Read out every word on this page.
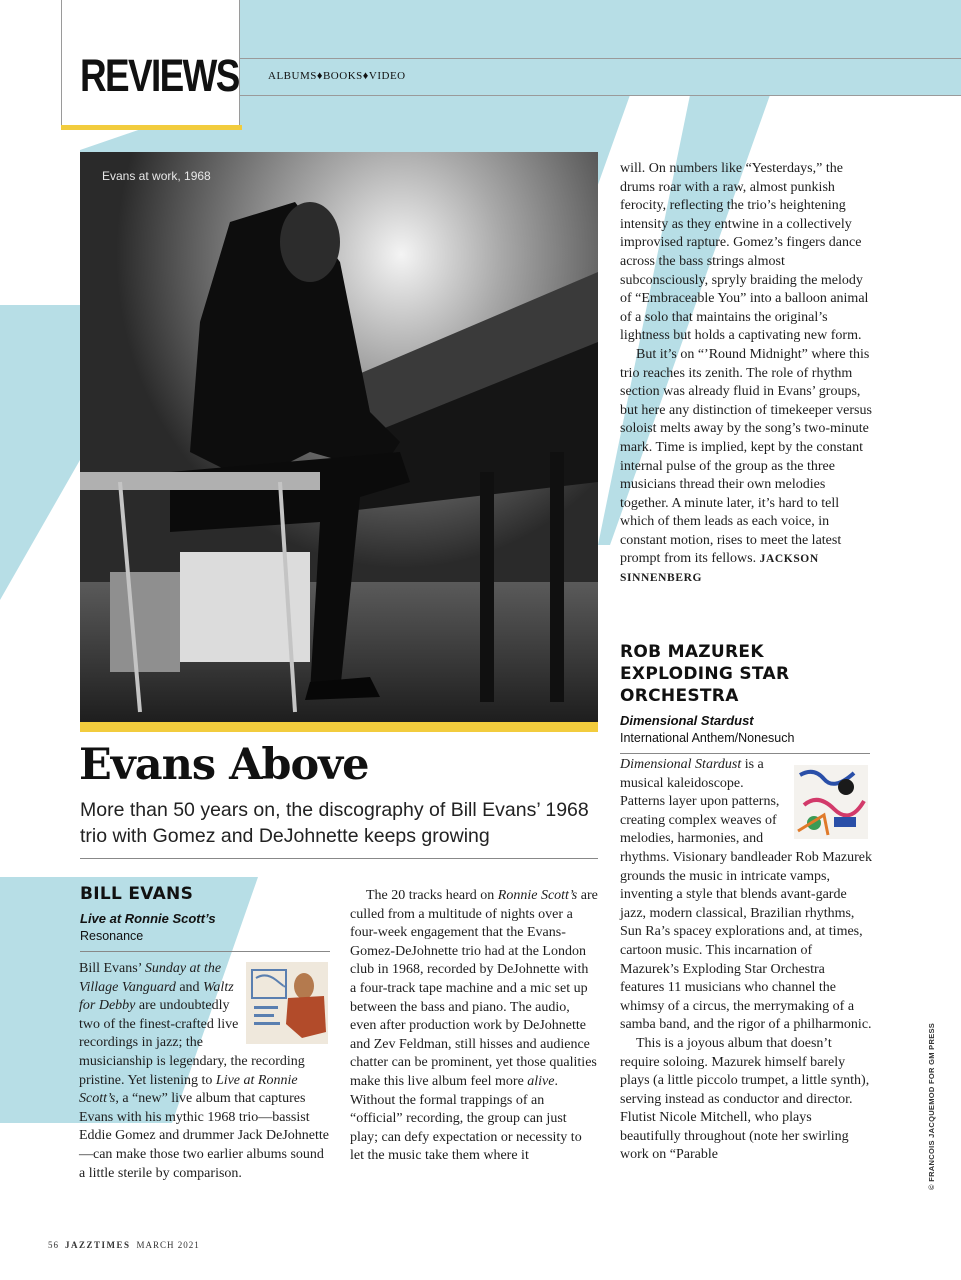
REVIEWS	ALBUMS♦BOOKS♦VIDEO
Evans at work, 1968
Evans Above
More than 50 years on, the discography of Bill Evans’ 1968 trio with Gomez and DeJohnette keeps growing
BILL EVANS
Live at Ronnie Scott’s
Resonance

Bill Evans’ Sunday at the Village Vanguard and Waltz for Debby are undoubtedly two of the finest-crafted live recordings in jazz; the musicianship is legendary, the recording pristine. Yet listening to Live at Ronnie Scott’s, a “new” live album that captures Evans with his mythic 1968 trio—bassist Eddie Gomez and drummer Jack DeJohnette—can make those two earlier albums sound a little sterile by comparison.

The 20 tracks heard on Ronnie Scott’s are culled from a multitude of nights over a four-week engagement that the Evans-Gomez-DeJohnette trio had at the London club in 1968, recorded by DeJohnette with a four-track tape machine and a mic set up between the bass and piano. The audio, even after production work by DeJohnette and Zev Feldman, still hisses and audience chatter can be prominent, yet those qualities make this live album feel more alive. Without the formal trappings of an “official” recording, the group can just play; can defy expectation or necessity to let the music take them where it

will. On numbers like “Yesterdays,” the drums roar with a raw, almost punkish ferocity, reflecting the trio’s heightening intensity as they entwine in a collectively improvised rapture. Gomez’s fingers dance across the bass strings almost subconsciously, spryly braiding the melody of “Embraceable You” into a balloon animal of a solo that maintains the original’s lightness but holds a captivating new form.

But it’s on “’Round Midnight” where this trio reaches its zenith. The role of rhythm section was already fluid in Evans’ groups, but here any distinction of timekeeper versus soloist melts away by the song’s two-minute mark. Time is implied, kept by the constant internal pulse of the group as the three musicians thread their own melodies together. A minute later, it’s hard to tell which of them leads as each voice, in constant motion, rises to meet the latest prompt from its fellows. JACKSON SINNENBERG

ROB MAZUREK
EXPLODING STAR
ORCHESTRA
Dimensional Stardust
International Anthem/Nonesuch

Dimensional Stardust is a musical kaleidoscope. Patterns layer upon patterns, creating complex weaves of melodies, harmonies, and rhythms. Visionary bandleader Rob Mazurek grounds the music in intricate vamps, inventing a style that blends avant-garde jazz, modern classical, Brazilian rhythms, Sun Ra’s spacey explorations and, at times, cartoon music. This incarnation of Mazurek’s Exploding Star Orchestra features 11 musicians who channel the whimsy of a circus, the merrymaking of a samba band, and the rigor of a philharmonic.

This is a joyous album that doesn’t require soloing. Mazurek himself barely plays (a little piccolo trumpet, a little synth), serving instead as conductor and director. Flutist Nicole Mitchell, who plays beautifully throughout (note her swirling work on “Parable

56 JAZZTIMES MARCH 2021
© FRANCOIS JACQUEMOD FOR GM PRESS
